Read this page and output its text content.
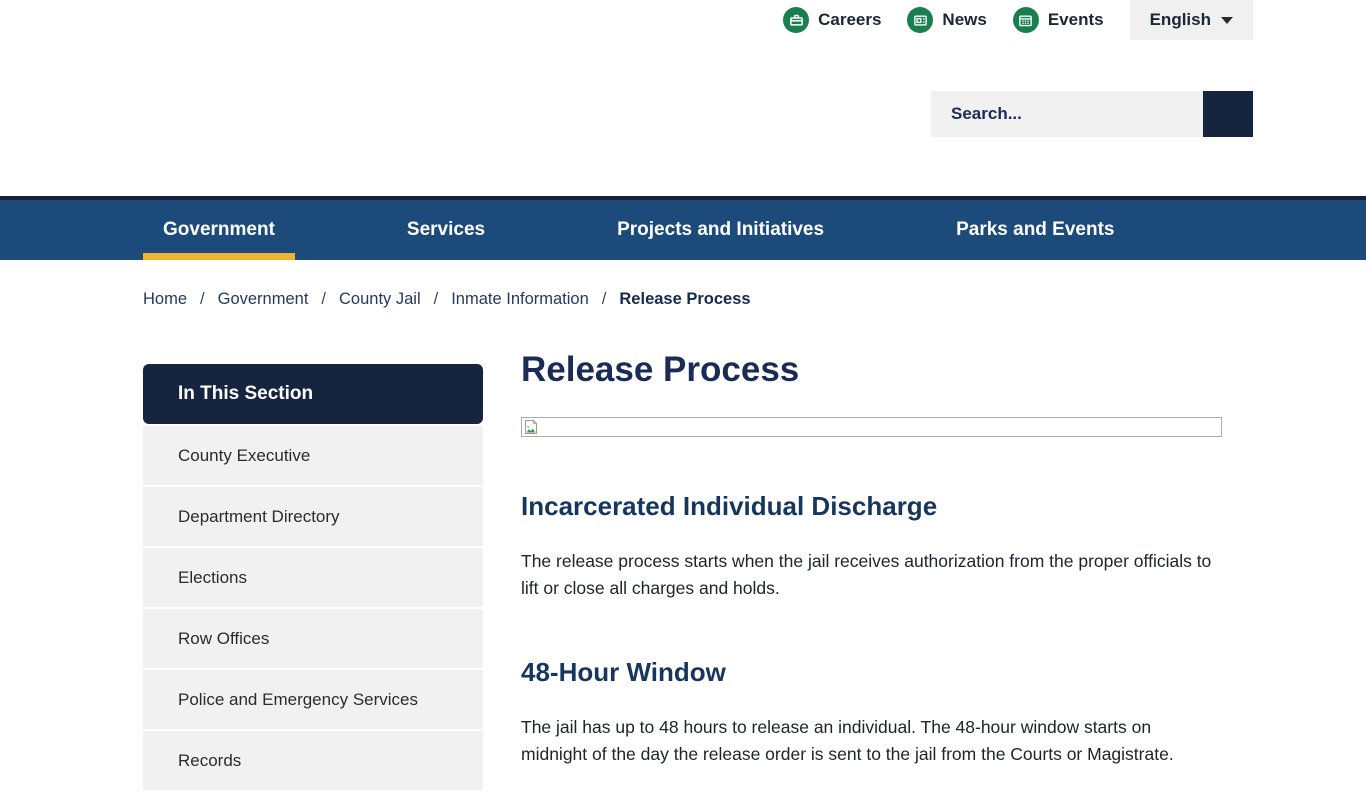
Careers	News	Events	English
Search...
Government	Services	Projects and Initiatives	Parks and Events
Home / Government / County Jail / Inmate Information / Release Process
In This Section
County Executive
Department Directory
Elections
Row Offices
Police and Emergency Services
Records
Release Process
Incarcerated Individual Discharge

The release process starts when the jail receives authorization from the proper officials to lift or close all charges and holds.

48-Hour Window

The jail has up to 48 hours to release an individual. The 48-hour window starts on midnight of the day the release order is sent to the jail from the Courts or Magistrate.
